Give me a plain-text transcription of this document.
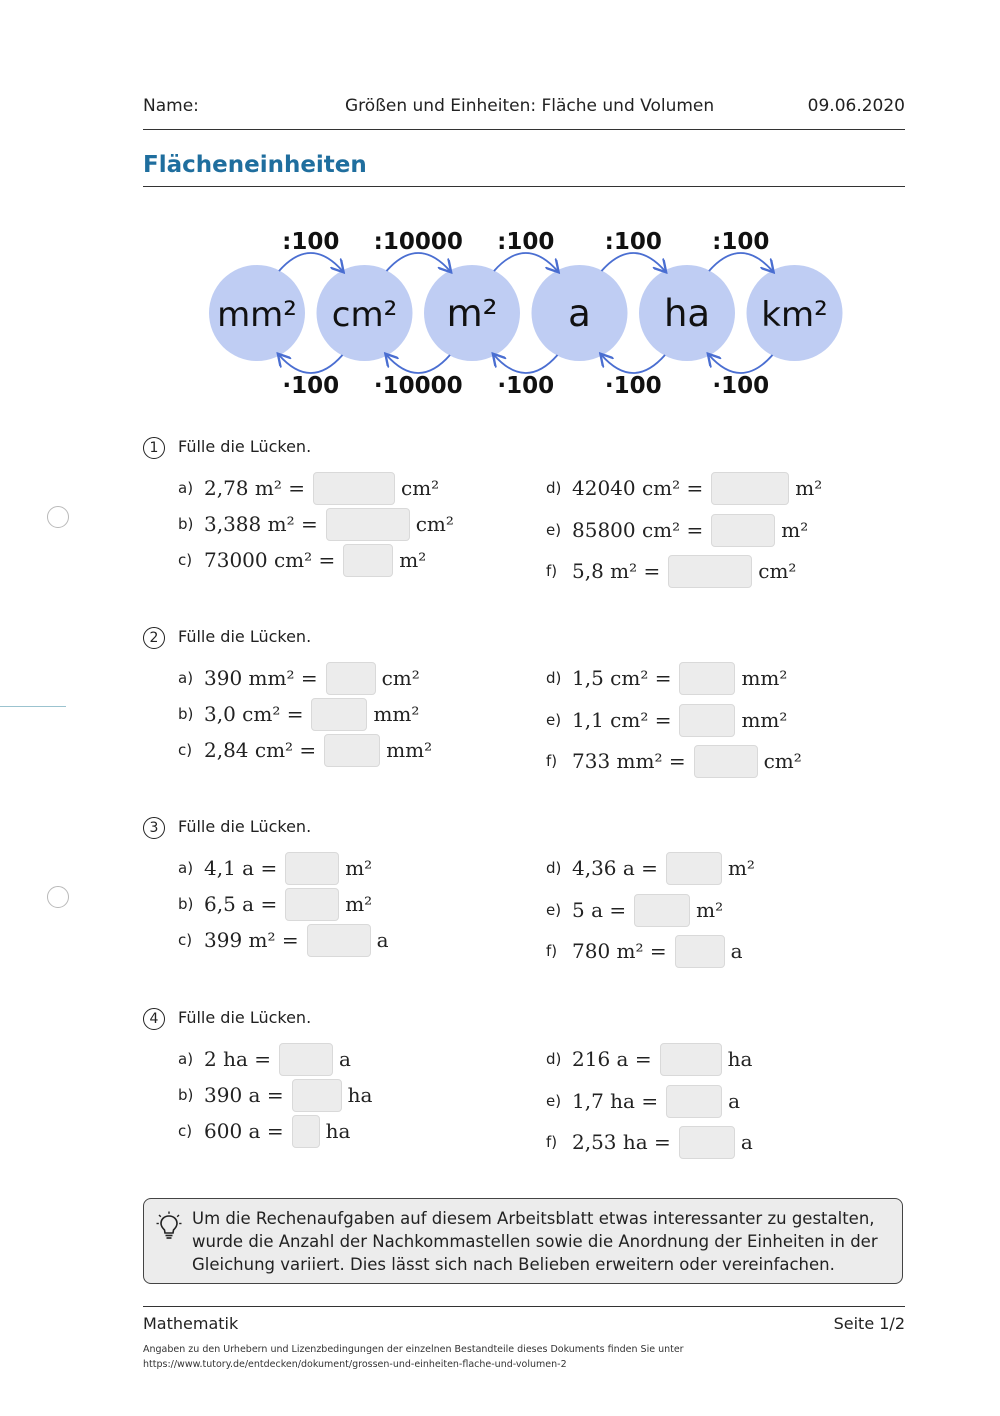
Name:	Größen und Einheiten: Fläche und Volumen	09.06.2020
Flächeneinheiten
mm² cm² m² a ha km²
:100
·100
:10000
·10000
:100
·100
:100
·100
:100
·100
1	Fülle die Lücken.
a) 2,78 m² =	cm²
b) 3,388 m² =	cm²
c) 73000 cm² =	m²
d) 42040 cm² =	m²
e) 85800 cm² =	m²
f) 5,8 m² =	cm²
2	Fülle die Lücken.
a) 390 mm² =	cm²
b) 3,0 cm² =	mm²
c) 2,84 cm² =	mm²
d) 1,5 cm² =	mm²
e) 1,1 cm² =	mm²
f) 733 mm² =	cm²
3	Fülle die Lücken.
a) 4,1 a =	m²
b) 6,5 a =	m²
c) 399 m² =	a
d) 4,36 a =	m²
e) 5 a =	m²
f) 780 m² =	a
4	Fülle die Lücken.
a) 2 ha =	a
b) 390 a =	ha
c) 600 a = ha
d) 216 a =	ha
e) 1,7 ha =	a
f) 2,53 ha =	a
Um die Rechenaufgaben auf diesem Arbeitsblatt etwas interessanter zu gestalten, wurde die Anzahl der Nachkommastellen sowie die Anordnung der Einheiten in der Gleichung variiert. Dies lässt sich nach Belieben erweitern oder vereinfachen.
Mathematik	Seite 1/2
Angaben zu den Urhebern und Lizenzbedingungen der einzelnen Bestandteile dieses Dokuments finden Sie unter
https://www.tutory.de/entdecken/dokument/grossen-und-einheiten-flache-und-volumen-2
